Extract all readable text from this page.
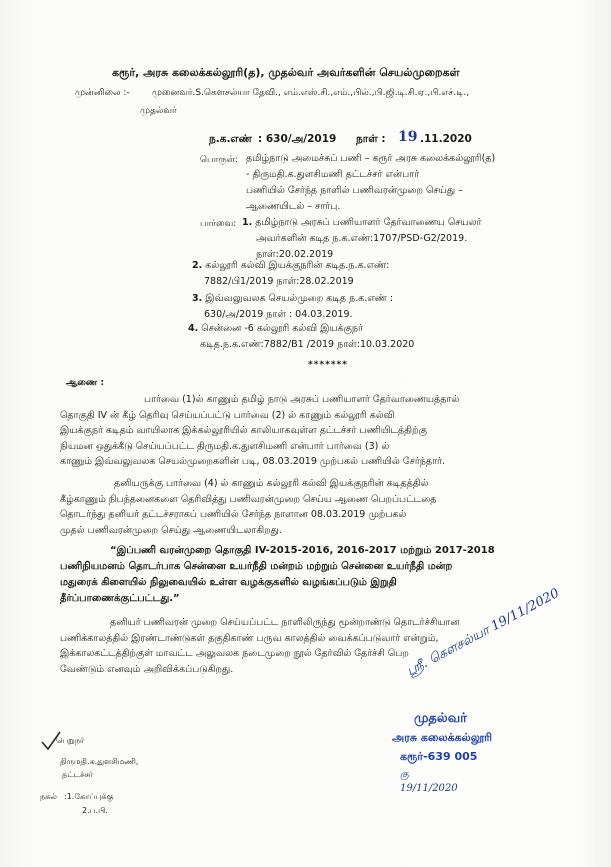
கரூர், அரசு கலைக்கல்லூரி(த), முதல்வர் அவர்களின் செயல்முறைகள்
முன்னிலை :- முனைவர்.S.கௌசல்யா தேவி., எம்.எஸ்.சி.,எம்.,பில்.,பி.ஜி.டி.சி.ஏ.,பி.எச்.டி.,
முதல்வர்
ந.க.எண் : 630/அ/2019 நாள் : 19 .11.2020
பொருள்: தமிழ்நாடு அமைச்சுப் பணி – கரூர் அரசு கலைக்கல்லூரி(த)
- திருமதி.க.துளசிமணி தட்டச்சர் என்பார்
பணியில் சேர்ந்த நாளில் பணிவரன்முறை செய்து –
ஆணையிடல் – சார்பு.
பார்வை: 1. தமிழ்நாடு அரசுப் பணியாளர் தேர்வாணைய செயலர்
அவர்களின் கடித ந.க.எண்:1707/PSD-G2/2019.
நாள்:20.02.2019
2. கல்லூரி கல்வி இயக்குநரின் கடித.ந.க.எண்:
7882/பி1/2019 நாள்:28.02.2019
3. இவ்வலுவலக செயல்முறை கடித ந.க.எண் :
630/அ/2019 நாள் : 04.03.2019.
4. சென்னை -6 கல்லூரி கல்வி இயக்குநர்
கடித.ந.க.எண்:7882/B1 /2019 நாள்:10.03.2020
*******
ஆணை :
பார்வை (1)ல் காணும் தமிழ் நாடு அரசுப் பணியாளர் தேர்வாணையத்தால்
தொகுதி IV ன் கீழ் தெரிவு செய்யப்பட்டு பார்வை (2) ல் காணும் கல்லூரி கல்வி
இயக்குநர் கடிதம் வாயிலாக இக்கல்லூரியில் காலியாகவுள்ள தட்டச்சர் பணியிடத்திற்கு
நியமன ஒதுக்கீடு செய்யப்பட்ட திருமதி.க.துளசிமணி என்பார் பார்வை (3) ல்
காணும் இவ்வலுவலக செயல்முறைகளின் படி, 08.03.2019 முற்பகல் பணியில் சேர்ந்தார்.
தனியருக்கு பார்வை (4) ல் காணும் கல்லூரி கல்வி இயக்குநரின் கடிதத்தில்
கீழ்காணும் நிபந்தனைகளை தெரிவித்து பணிவரன்முறை செய்ய ஆணை பெறப்பட்டதை
தொடர்ந்து தனியர் தட்டச்சராகப் பணியில் சேர்ந்த நாளான 08.03.2019 முற்பகல்
முதல் பணிவரன்முறை செய்து ஆணையிடலாகிறது.
“இப்பணி வரன்முறை தொகுதி IV-2015-2016, 2016-2017 மற்றும் 2017-2018
பணிநியமனம் தொடர்பாக சென்னை உயர்நீதி மன்றம் மற்றும் சென்னை உயர்நீதி மன்ற
மதுரைக் கிளையில் நிலுவையில் உள்ள வழக்குகளில் வழங்கப்படும் இறுதி
தீர்ப்பாணைக்குட்பட்டது.”
தனியர் பணிவரன் முறை செய்யப்பட்ட நாளிலிருந்து மூன்றாண்டு தொடர்ச்சியான
பணிக்காலத்தில் இரண்டாண்டுகள் தகுதிகாண் பருவ காலத்தில் வைக்கப்படுவார் என்றும்,
இக்காலகட்டத்திற்குள் மாவட்ட அலுவலக நடைமுறை நூல் தேர்வில் தேர்ச்சி பெற
வேண்டும் எனவும் அறிவிக்கப்படுகிறது.	ஸ்ரீ. கௌசல்யா 19/11/2020
முதல்வர்
அரசு கலைக்கல்லூரி
கரூர்-639 005
கு 19/11/2020
பெறுநர்
திருமதி.க.துளசிமணி,
தட்டச்சர்
நகல் :1.கோப்புக்கு
2.ப.பி.
